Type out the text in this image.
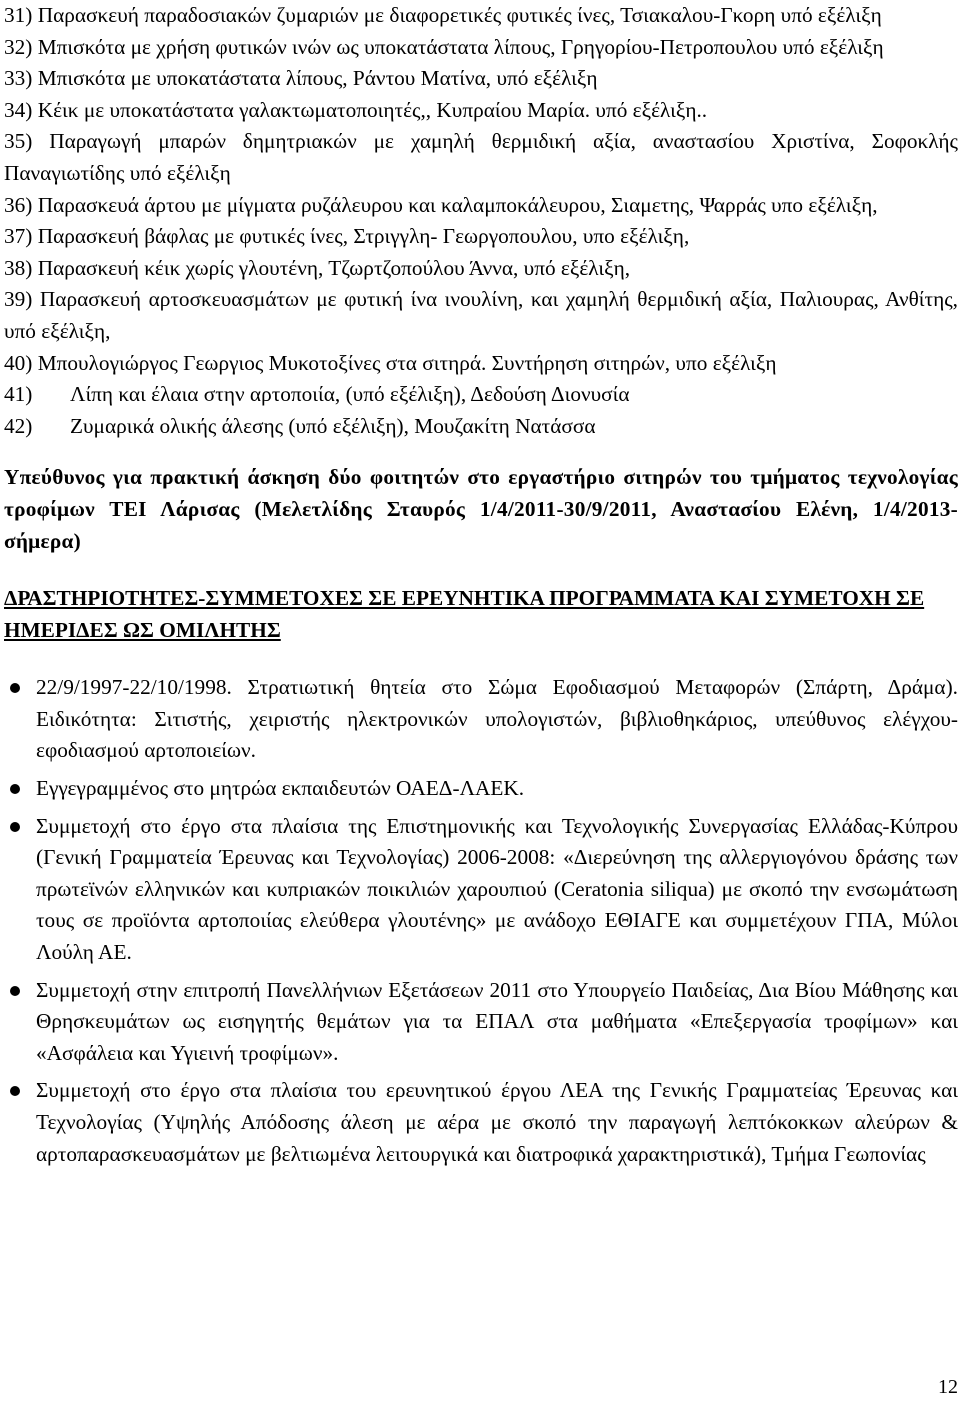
31) Παρασκευή παραδοσιακών ζυμαριών με διαφορετικές φυτικές ίνες, Τσιακαλου-Γκορη υπό εξέλιξη

32) Μπισκότα με χρήση φυτικών ινών ως υποκατάστατα λίπους, Γρηγορίου-Πετροπουλου υπό εξέλιξη

33) Μπισκότα με υποκατάστατα λίπους, Ράντου Ματίνα, υπό εξέλιξη

34) Κέικ με υποκατάστατα γαλακτωματοποιητές,, Κυπραίου Μαρία. υπό εξέλιξη..

35) Παραγωγή μπαρών δημητριακών με χαμηλή θερμιδική αξία, αναστασίου Χριστίνα, Σοφοκλής Παναγιωτίδης υπό εξέλιξη

36) Παρασκευά άρτου με μίγματα ρυζάλευρου και καλαμποκάλευρου, Σιαμετης, Ψαρράς υπο εξέλιξη,

37) Παρασκευή βάφλας με φυτικές ίνες, Στριγγλη- Γεωργοπουλου, υπο εξέλιξη,

38) Παρασκευή κέικ χωρίς γλουτένη, Τζωρτζοπούλου Άννα, υπό εξέλιξη,

39) Παρασκευή αρτοσκευασμάτων με φυτική ίνα ινουλίνη, και χαμηλή θερμιδική αξία, Παλιουρας, Ανθίτης, υπό εξέλιξη,

40) Μπουλογιώργος Γεωργιος Μυκοτοξίνες στα σιτηρά. Συντήρηση σιτηρών, υπο εξέλιξη

41) Λίπη και έλαια στην αρτοποιία, (υπό εξέλιξη), Δεδούση Διονυσία

42) Ζυμαρικά ολικής άλεσης (υπό εξέλιξη), Μουζακίτη Νατάσσα

Υπεύθυνος για πρακτική άσκηση δύο φοιτητών στο εργαστήριο σιτηρών του τμήματος τεχνολογίας τροφίμων ΤΕΙ Λάρισας (Μελετλίδης Σταυρός 1/4/2011-30/9/2011, Αναστασίου Ελένη, 1/4/2013-σήμερα)

ΔΡΑΣΤΗΡΙΟΤΗΤΕΣ-ΣΥΜΜΕΤΟΧΕΣ ΣΕ ΕΡΕΥΝΗΤΙΚΑ ΠΡΟΓΡΑΜΜΑΤΑ ΚΑΙ ΣΥΜΕΤΟΧΗ ΣΕ ΗΜΕΡΙΔΕΣ ΩΣ ΟΜΙΛΗΤΗΣ

22/9/1997-22/10/1998. Στρατιωτική θητεία στο Σώμα Εφοδιασμού Μεταφορών (Σπάρτη, Δράμα). Ειδικότητα: Σιτιστής, χειριστής ηλεκτρονικών υπολογιστών, βιβλιοθηκάριος, υπεύθυνος ελέγχου-εφοδιασμού αρτοποιείων.
Εγγεγραμμένος στο μητρώα εκπαιδευτών ΟΑΕΔ-ΛΑΕΚ.
Συμμετοχή στο έργο στα πλαίσια της Επιστημονικής και Τεχνολογικής Συνεργασίας Ελλάδας-Κύπρου (Γενική Γραμματεία Έρευνας και Τεχνολογίας) 2006-2008: «Διερεύνηση της αλλεργιογόνου δράσης των πρωτεϊνών ελληνικών και κυπριακών ποικιλιών χαρουπιού (Ceratonia siliqua) με σκοπό την ενσωμάτωση τους σε προϊόντα αρτοποιίας ελεύθερα γλουτένης» με ανάδοχο ΕΘΙΑΓΕ και συμμετέχουν ΓΠΑ, Μύλοι Λούλη ΑΕ.
Συμμετοχή στην επιτροπή Πανελλήνιων Εξετάσεων 2011 στο Υπουργείο Παιδείας, Δια Βίου Μάθησης και Θρησκευμάτων ως εισηγητής θεμάτων για τα ΕΠΑΛ στα μαθήματα «Επεξεργασία τροφίμων» και «Ασφάλεια και Υγιεινή τροφίμων».
Συμμετοχή στο έργο στα πλαίσια του ερευνητικού έργου ΛΕΑ της Γενικής Γραμματείας Έρευνας και Τεχνολογίας (Υψηλής Απόδοσης άλεση με αέρα με σκοπό την παραγωγή λεπτόκοκκων αλεύρων & αρτοπαρασκευασμάτων με βελτιωμένα λειτουργικά και διατροφικά χαρακτηριστικά), Τμήμα Γεωπονίας
12
